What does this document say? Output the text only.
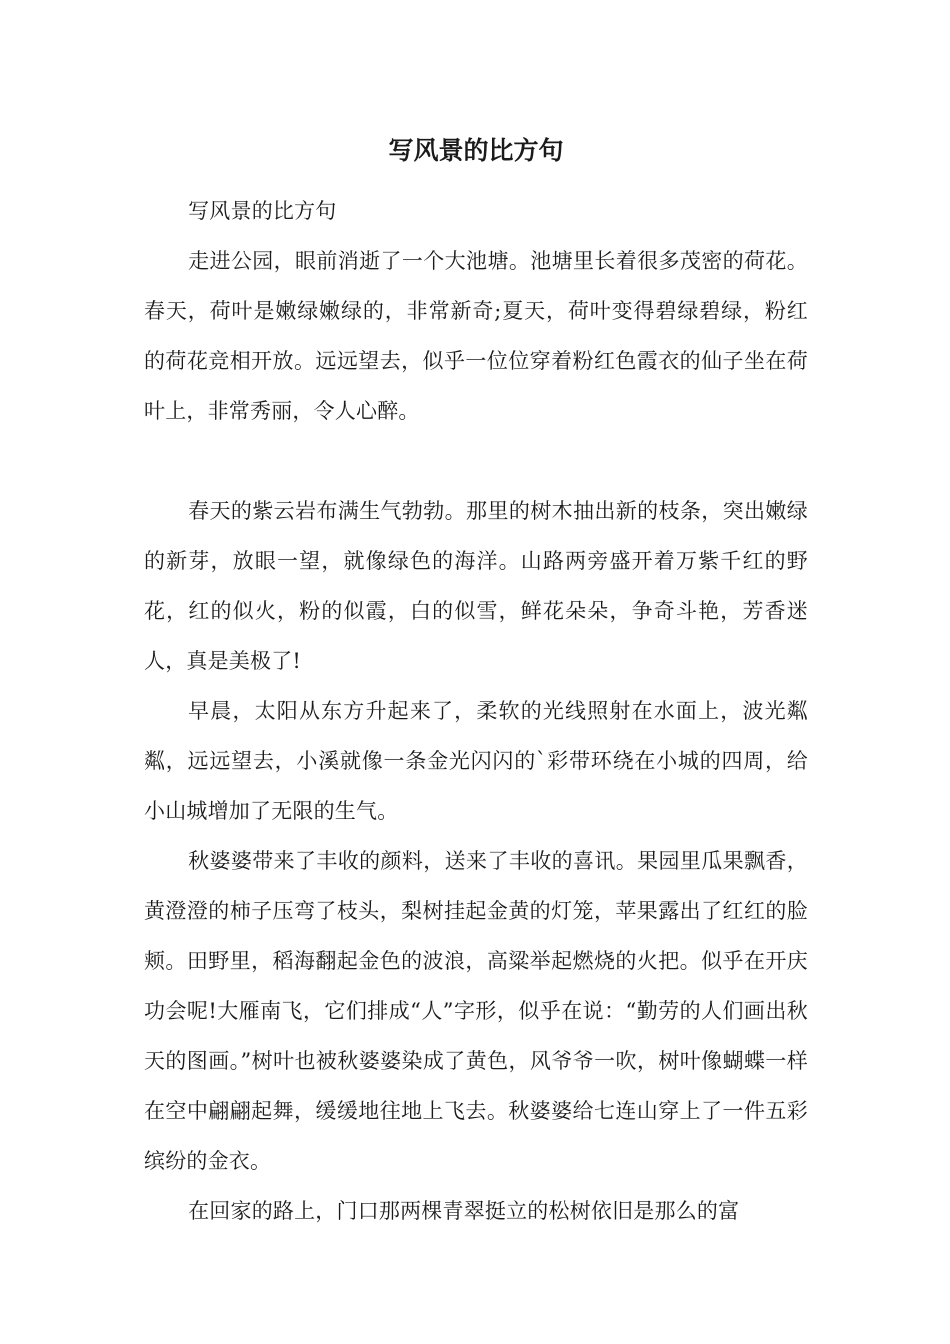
写风景的比方句

写风景的比方句

走进公园，眼前消逝了一个大池塘。池塘里长着很多茂密的荷花。春天，荷叶是嫩绿嫩绿的，非常新奇;夏天，荷叶变得碧绿碧绿，粉红的荷花竞相开放。远远望去，似乎一位位穿着粉红色霞衣的仙子坐在荷叶上，非常秀丽，令人心醉。

春天的紫云岩布满生气勃勃。那里的树木抽出新的枝条，突出嫩绿的新芽，放眼一望，就像绿色的海洋。山路两旁盛开着万紫千红的野花，红的似火，粉的似霞，白的似雪，鲜花朵朵，争奇斗艳，芳香迷人，真是美极了!

早晨，太阳从东方升起来了，柔软的光线照射在水面上，波光粼粼，远远望去，小溪就像一条金光闪闪的`彩带环绕在小城的四周，给小山城增加了无限的生气。

秋婆婆带来了丰收的颜料，送来了丰收的喜讯。果园里瓜果飘香，黄澄澄的柿子压弯了枝头，梨树挂起金黄的灯笼，苹果露出了红红的脸颊。田野里，稻海翻起金色的波浪，高粱举起燃烧的火把。似乎在开庆功会呢!大雁南飞，它们排成“人”字形，似乎在说：“勤劳的人们画出秋天的图画。”树叶也被秋婆婆染成了黄色，风爷爷一吹，树叶像蝴蝶一样在空中翩翩起舞，缓缓地往地上飞去。秋婆婆给七连山穿上了一件五彩缤纷的金衣。

在回家的路上，门口那两棵青翠挺立的松树依旧是那么的富
